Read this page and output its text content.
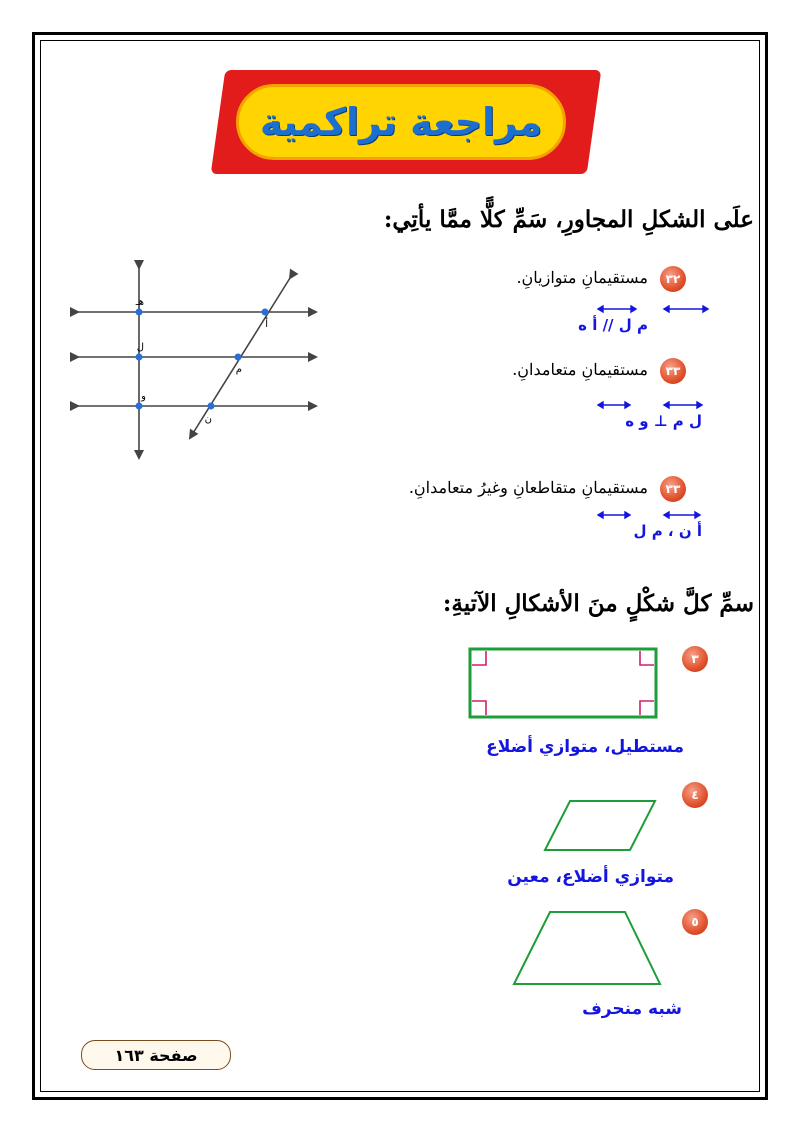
مراجعة تراكمية
علَى الشكلِ المجاورِ، سَمِّ كلًّا ممَّا يأتِي:
٣٢
مستقيمانِ متوازيانِ.
م ل // أ ه
٣٣
مستقيمانِ متعامدانِ.
ل م ⊥ و ه
٣٣
مستقيمانِ متقاطعانِ وغيرُ متعامدانِ.
أ ن ، م ل
هـ
ل
و
أ
م
ن
سمِّ كلَّ شكْلٍ منَ الأشكالِ الآتيةِ:
٣
مستطيل، متوازي أضلاع
٤
متوازي أضلاع، معين
٥
شبه منحرف
صفحة ١٦٣
